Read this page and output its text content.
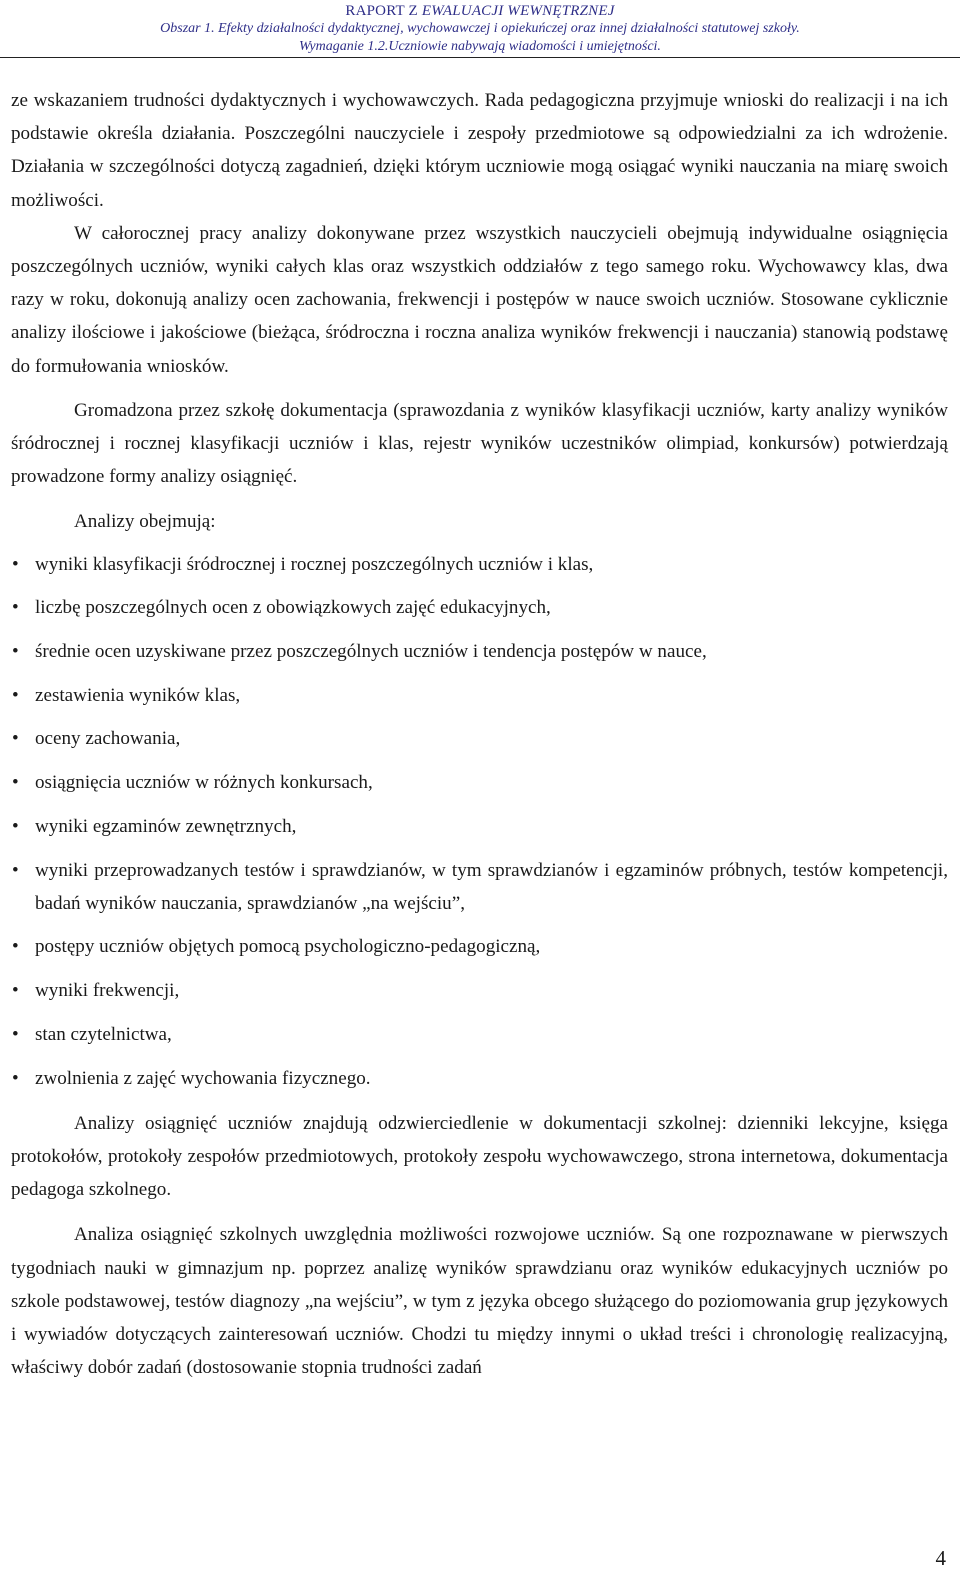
RAPORT Z EWALUACJI WEWNĘTRZNEJ
Obszar 1. Efekty działalności dydaktycznej, wychowawczej i opiekuńczej oraz innej działalności statutowej szkoły.
Wymaganie 1.2.Uczniowie nabywają wiadomości i umiejętności.

ze wskazaniem trudności dydaktycznych i wychowawczych. Rada pedagogiczna przyjmuje wnioski do realizacji i na ich podstawie określa działania. Poszczególni nauczyciele i zespoły przedmiotowe są odpowiedzialni za ich wdrożenie. Działania w szczególności dotyczą zagadnień, dzięki którym uczniowie mogą osiągać wyniki nauczania na miarę swoich możliwości.

W całorocznej pracy analizy dokonywane przez wszystkich nauczycieli obejmują indywidualne osiągnięcia poszczególnych uczniów, wyniki całych klas oraz wszystkich oddziałów z tego samego roku. Wychowawcy klas, dwa razy w roku, dokonują analizy ocen zachowania, frekwencji i postępów w nauce swoich uczniów. Stosowane cyklicznie analizy ilościowe i jakościowe (bieżąca, śródroczna i roczna analiza wyników frekwencji i nauczania) stanowią podstawę do formułowania wniosków.

Gromadzona przez szkołę dokumentacja (sprawozdania z wyników klasyfikacji uczniów, karty analizy wyników śródrocznej i rocznej klasyfikacji uczniów i klas, rejestr wyników uczestników olimpiad, konkursów) potwierdzają prowadzone formy analizy osiągnięć.

Analizy obejmują:

• wyniki klasyfikacji śródrocznej i rocznej poszczególnych uczniów i klas,
• liczbę poszczególnych ocen z obowiązkowych zajęć edukacyjnych,
• średnie ocen uzyskiwane przez poszczególnych uczniów i tendencja postępów w nauce,
• zestawienia wyników klas,
• oceny zachowania,
• osiągnięcia uczniów w różnych konkursach,
• wyniki egzaminów zewnętrznych,
• wyniki przeprowadzanych testów i sprawdzianów, w tym sprawdzianów i egzaminów próbnych, testów kompetencji, badań wyników nauczania, sprawdzianów „na wejściu”,
• postępy uczniów objętych pomocą psychologiczno-pedagogiczną,
• wyniki frekwencji,
• stan czytelnictwa,
• zwolnienia z zajęć wychowania fizycznego.

Analizy osiągnięć uczniów znajdują odzwierciedlenie w dokumentacji szkolnej: dzienniki lekcyjne, księga protokołów, protokoły zespołów przedmiotowych, protokoły zespołu wychowawczego, strona internetowa, dokumentacja pedagoga szkolnego.

Analiza osiągnięć szkolnych uwzględnia możliwości rozwojowe uczniów. Są one rozpoznawane w pierwszych tygodniach nauki w gimnazjum np. poprzez analizę wyników sprawdzianu oraz wyników edukacyjnych uczniów po szkole podstawowej, testów diagnozy „na wejściu”, w tym z języka obcego służącego do poziomowania grup językowych i wywiadów dotyczących zainteresowań uczniów. Chodzi tu między innymi o układ treści i chronologię realizacyjną, właściwy dobór zadań (dostosowanie stopnia trudności zadań

4
